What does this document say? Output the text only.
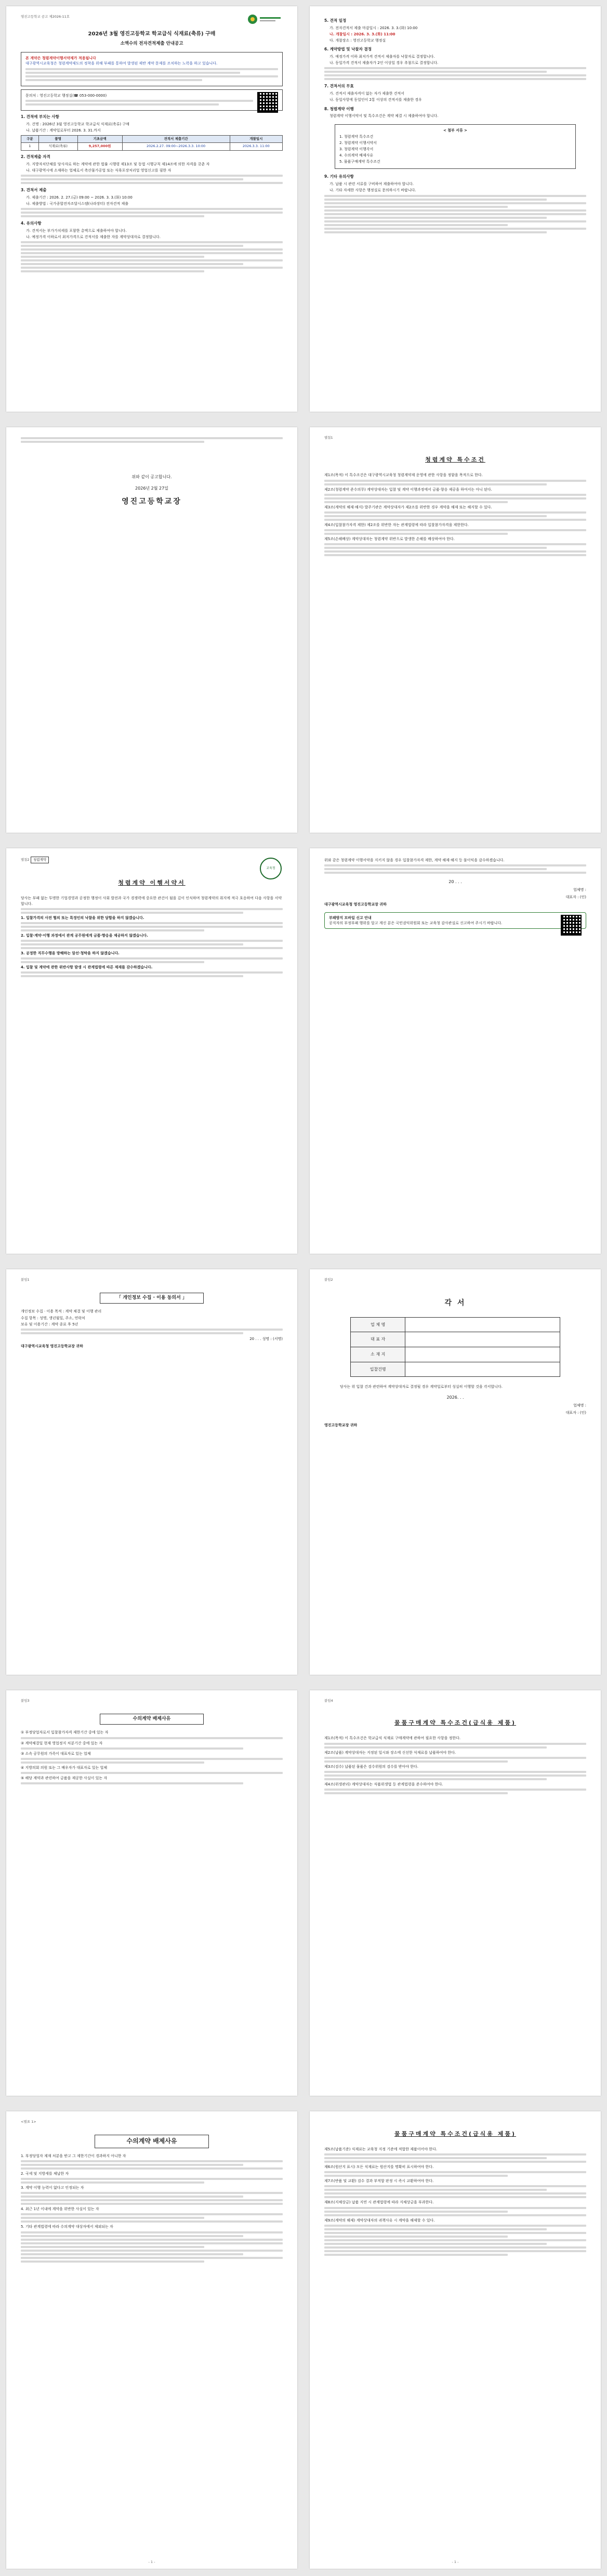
영진고등학교 공고 제2026-11호
2026년 3월 영진고등학교 학교급식 식재료(축류) 구매
소액수의 전자견적제출 안내공고
본 계약은 청렴계약이행서약제가 적용됩니다
대구광역시교육청은 청렴계약제도의 정착을 위해 부패를 통하여 발생된 제반 계약 문제를 조치하는 노력을 하고 있습니다.
문의처 : 영진고등학교 행정실(☎ 053-000-0000)
1. 견적에 부치는 사항
가. 건명 : 2026년 3월 영진고등학교 학교급식 식재료(축류) 구매
나. 납품기간 : 계약일로부터 2026. 3. 31.까지
구분	품명	기초금액	견적서 제출기간	개찰일시
1	식재료(축류)	9,257,000원	2026.2.27. 09:00~2026.3.3. 10:00	2026.3.3. 11:00
2. 견적제출 자격
가. 지방자치단체를 당사자로 하는 계약에 관한 법률 시행령 제13조 및 동법 시행규칙 제14조에 의한 자격을 갖춘 자
나. 대구광역시에 소재하는 업체로서 축산물가공업 또는 식육포장처리업 영업신고를 필한 자
3. 견적서 제출
가. 제출기간 : 2026. 2. 27.(금) 09:00 ~ 2026. 3. 3.(화) 10:00
나. 제출방법 : 국가종합전자조달시스템(나라장터) 전자견적 제출
4. 유의사항
가. 견적서는 부가가치세를 포함한 총액으로 제출하여야 합니다.
나. 예정가격 이하로서 최저가격으로 견적서를 제출한 자를 계약상대자로 결정합니다.
5. 견적 일정
가. 전자견적서 제출 마감일시 : 2026. 3. 3.(화) 10:00
나. 개찰일시 : 2026. 3. 3.(화) 11:00
다. 개찰장소 : 영진고등학교 행정실
6. 계약방법 및 낙찰자 결정
가. 예정가격 이하 최저가격 견적서 제출자를 낙찰자로 결정합니다.
나. 동일가격 견적서 제출자가 2인 이상일 경우 추첨으로 결정합니다.
7. 견적서의 무효
가. 견적서 제출자격이 없는 자가 제출한 견적서
나. 동일사항에 동일인이 2통 이상의 견적서를 제출한 경우
8. 청렴계약 이행
청렴계약 이행서약서 및 특수조건은 계약 체결 시 제출하여야 합니다.
< 첨부 서류 >
1. 청렴계약 특수조건
2. 청렴계약 이행서약서
3. 청렴계약 이행각서
4. 수의계약 배제사유
5. 물품구매계약 특수조건
9. 기타 유의사항
가. 납품 시 관련 서류를 구비하여 제출하여야 합니다.
나. 기타 자세한 사항은 행정실로 문의하시기 바랍니다.
위와 같이 공고합니다.
2026년 2월 27일
영진고등학교장
별첨1
청렴계약 특수조건
제1조(목적) 이 특수조건은 대구광역시교육청 청렴계약제 운영에 관한 사항을 정함을 목적으로 한다.
제2조(청렴계약 준수의무) 계약상대자는 입찰 및 계약 이행과정에서 금품·향응 제공을 하여서는 아니 된다.
제3조(계약의 해제·해지) 발주기관은 계약상대자가 제2조를 위반한 경우 계약을 해제 또는 해지할 수 있다.
제4조(입찰참가자격 제한) 제2조를 위반한 자는 관계법령에 따라 입찰참가자격을 제한한다.
제5조(손해배상) 계약상대자는 청렴계약 위반으로 발생한 손해를 배상하여야 한다.
별첨2 청렴계약
교육청
청렴계약 이행서약서
당사는 부패 없는 투명한 기업경영과 공정한 행정이 사회 발전과 국가 경쟁력에 중요한 관건이 됨을 깊이 인식하며 청렴계약의 취지에 적극 호응하여 다음 사항을 서약합니다.
1. 입찰가격의 사전 협의 또는 특정인의 낙찰을 위한 담합을 하지 않겠습니다.
2. 입찰·계약·이행 과정에서 관계 공무원에게 금품·향응을 제공하지 않겠습니다.
3. 공정한 직무수행을 방해하는 알선·청탁을 하지 않겠습니다.
4. 입찰 및 계약에 관한 위반사항 발생 시 관계법령에 따른 제재를 감수하겠습니다.
위와 같은 청렴계약 이행서약을 지키지 않을 경우 입찰참가자격 제한, 계약 해제·해지 등 불이익을 감수하겠습니다.
20 . . .
업체명 :
대표자 : (인)
대구광역시교육청 영진고등학교장 귀하
부패방지 모바일 신고 안내
공직자의 부정부패 행위를 알고 계신 분은 국민권익위원회 또는 교육청 감사관실로 신고하여 주시기 바랍니다.
붙임1
「 개인정보 수집 · 이용 동의서 」
개인정보 수집 · 이용 목적 : 계약 체결 및 이행 관리
수집 항목 : 성명, 생년월일, 주소, 연락처
보유 및 이용기간 : 계약 종료 후 5년
20 . . . 성명 : (서명)
대구광역시교육청 영진고등학교장 귀하
붙임2
각 서
업 체 명	
대 표 자	
소 재 지	
입찰건명	
당사는 위 입찰 건과 관련하여 계약상대자로 결정될 경우 계약일로부터 성실히 이행할 것을 각서합니다.
2026. . .
업체명 :
대표자 : (인)
영진고등학교장 귀하
붙임3
수의계약 배제사유
① 부정당업자로서 입찰참가자격 제한기간 중에 있는 자
② 계약체결일 현재 영업정지 처분기간 중에 있는 자
③ 소속 공무원의 가족이 대표자로 있는 업체
④ 지방의회 의원 또는 그 배우자가 대표자로 있는 업체
⑤ 해당 계약과 관련하여 금품을 제공한 사실이 있는 자
붙임4
물품구매계약 특수조건(급식용 제품)
제1조(목적) 이 특수조건은 학교급식 식재료 구매계약에 관하여 필요한 사항을 정한다.
제2조(납품) 계약상대자는 지정된 일시와 장소에 신선한 식재료를 납품하여야 한다.
제3조(검수) 납품된 물품은 검수위원의 검수를 받아야 한다.
제4조(위생관리) 계약상대자는 식품위생법 등 관계법령을 준수하여야 한다.
<별표 1>
수의계약 배제사유
1. 부정당업자 제재 처분을 받고 그 제한기간이 경과하지 아니한 자
2. 국세 및 지방세를 체납한 자
3. 계약 이행 능력이 없다고 인정되는 자
4. 최근 1년 이내에 계약을 위반한 사실이 있는 자
5. 기타 관계법령에 따라 수의계약 대상자에서 제외되는 자
- 1 -
물품구매계약 특수조건(급식용 제품)
제5조(납품기준) 식재료는 교육청 지정 기준에 적합한 제품이어야 한다.
제6조(원산지 표시) 모든 식재료는 원산지를 명확히 표시하여야 한다.
제7조(반품 및 교환) 검수 결과 부적합 판정 시 즉시 교환하여야 한다.
제8조(지체상금) 납품 지연 시 관계법령에 따라 지체상금을 부과한다.
제9조(계약의 해제) 계약상대자의 귀책사유 시 계약을 해제할 수 있다.
- 1 -
